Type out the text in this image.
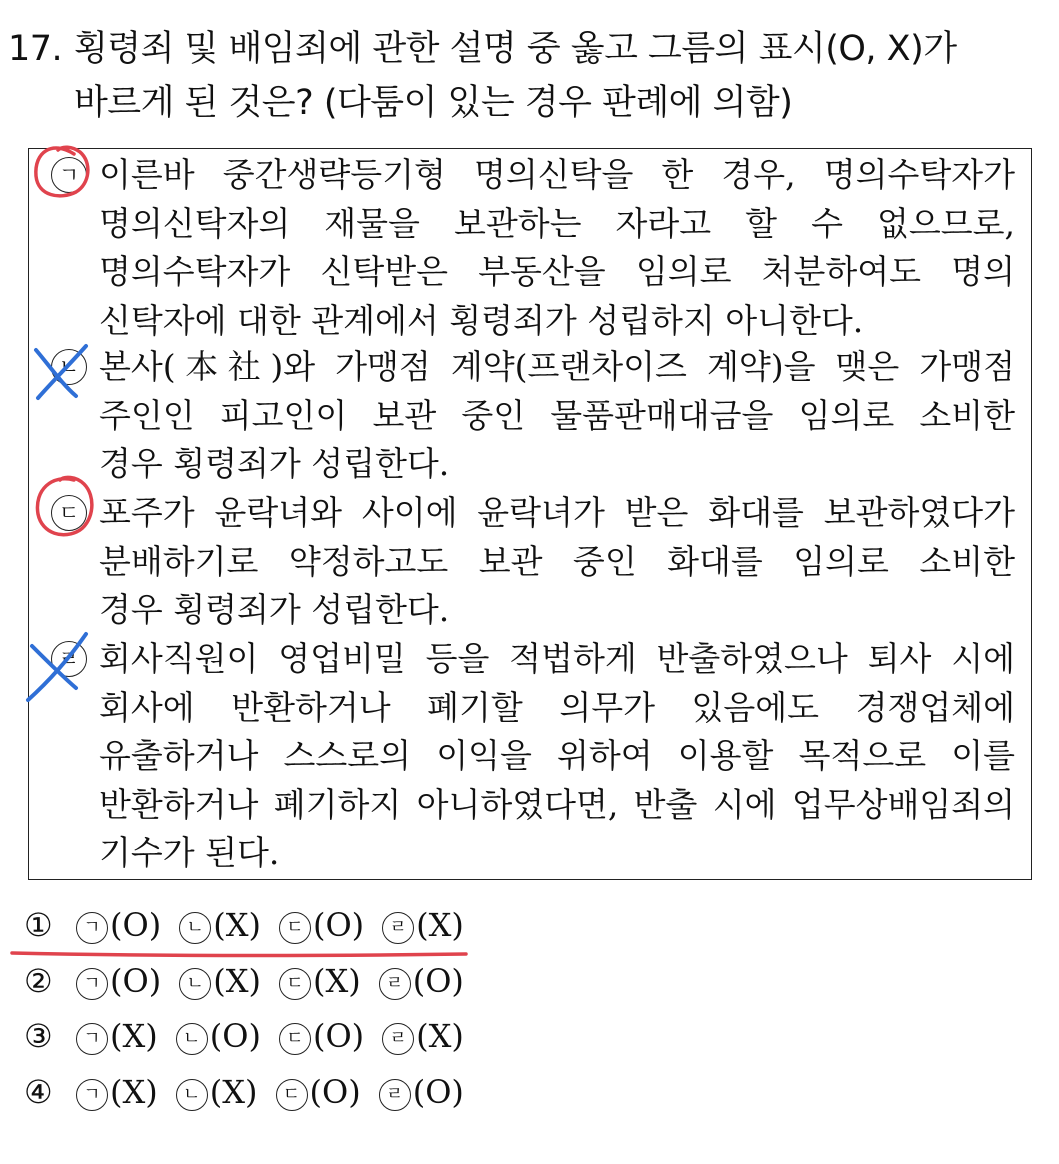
17. 횡령죄 및 배임죄에 관한 설명 중 옳고 그름의 표시(O, X)가
바르게 된 것은? (다툼이 있는 경우 판례에 의함)
ㄱ 이른바 중간생략등기형 명의신탁을 한 경우, 명의수탁자가
명의신탁자의 재물을 보관하는 자라고 할 수 없으므로,
명의수탁자가 신탁받은 부동산을 임의로 처분하여도 명의
신탁자에 대한 관계에서 횡령죄가 성립하지 아니한다.
ㄴ 본사(本社)와 가맹점 계약(프랜차이즈 계약)을 맺은 가맹점
주인인 피고인이 보관 중인 물품판매대금을 임의로 소비한
경우 횡령죄가 성립한다.
ㄷ 포주가 윤락녀와 사이에 윤락녀가 받은 화대를 보관하였다가
분배하기로 약정하고도 보관 중인 화대를 임의로 소비한
경우 횡령죄가 성립한다.
ㄹ 회사직원이 영업비밀 등을 적법하게 반출하였으나 퇴사 시에
회사에 반환하거나 폐기할 의무가 있음에도 경쟁업체에
유출하거나 스스로의 이익을 위하여 이용할 목적으로 이를
반환하거나 폐기하지 아니하였다면, 반출 시에 업무상배임죄의
기수가 된다.
① ㄱ (O) ㄴ (X) ㄷ (O) ㄹ (X)
② ㄱ (O) ㄴ (X) ㄷ (X) ㄹ (O)
③ ㄱ (X) ㄴ (O) ㄷ (O) ㄹ (X)
④ ㄱ (X) ㄴ (X) ㄷ (O) ㄹ (O)
